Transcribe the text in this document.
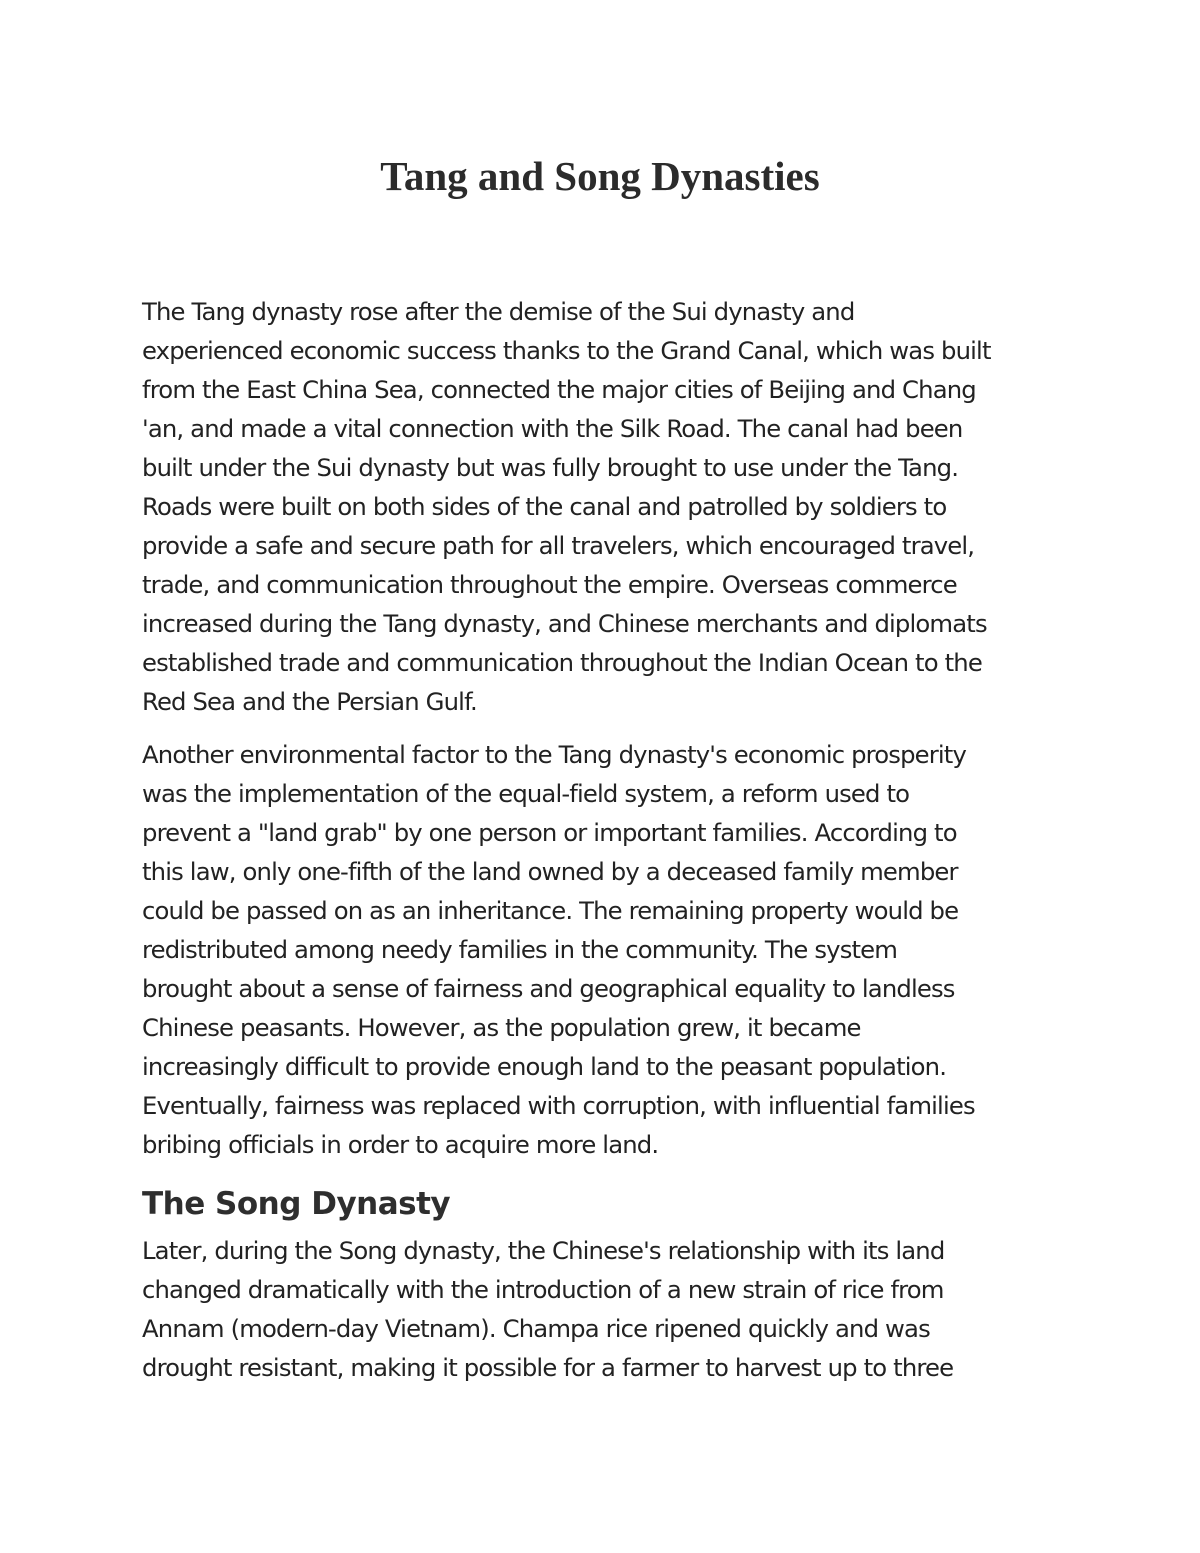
Tang and Song Dynasties

The Tang dynasty rose after the demise of the Sui dynasty and
experienced economic success thanks to the Grand Canal, which was built
from the East China Sea, connected the major cities of Beijing and Chang
'an, and made a vital connection with the Silk Road. The canal had been
built under the Sui dynasty but was fully brought to use under the Tang.
Roads were built on both sides of the canal and patrolled by soldiers to
provide a safe and secure path for all travelers, which encouraged travel,
trade, and communication throughout the empire. Overseas commerce
increased during the Tang dynasty, and Chinese merchants and diplomats
established trade and communication throughout the Indian Ocean to the
Red Sea and the Persian Gulf.

Another environmental factor to the Tang dynasty's economic prosperity
was the implementation of the equal-field system, a reform used to
prevent a "land grab" by one person or important families. According to
this law, only one-fifth of the land owned by a deceased family member
could be passed on as an inheritance. The remaining property would be
redistributed among needy families in the community. The system
brought about a sense of fairness and geographical equality to landless
Chinese peasants. However, as the population grew, it became
increasingly difficult to provide enough land to the peasant population.
Eventually, fairness was replaced with corruption, with influential families
bribing officials in order to acquire more land.

The Song Dynasty

Later, during the Song dynasty, the Chinese's relationship with its land
changed dramatically with the introduction of a new strain of rice from
Annam (modern-day Vietnam). Champa rice ripened quickly and was
drought resistant, making it possible for a farmer to harvest up to three
